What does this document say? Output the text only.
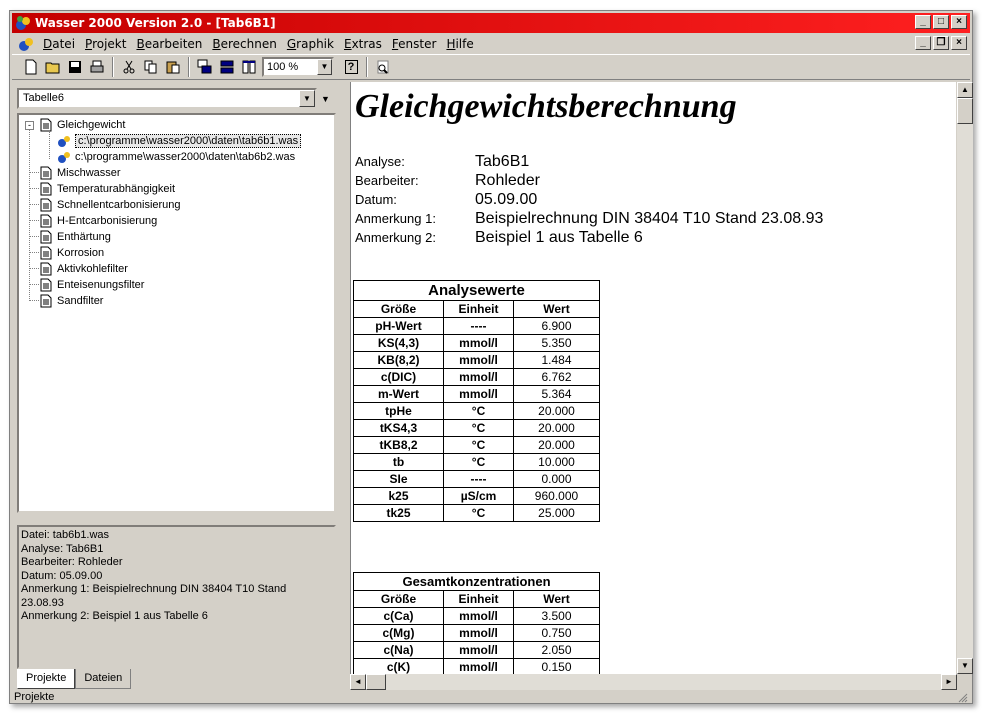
Wasser 2000 Version 2.0 - [Tab6B1]	_	□	×
Datei Projekt Bearbeiten Berechnen Graphik Extras Fenster Hilfe	_	❐	×
100 %	▼	?
Tabelle6	▼	▼
- Gleichgewicht
c:\programme\wasser2000\daten\tab6b1.was
c:\programme\wasser2000\daten\tab6b2.was
Mischwasser
Temperaturabhängigkeit
Schnellentcarbonisierung
H-Entcarbonisierung
Enthärtung
Korrosion
Aktivkohlefilter
Enteisenungsfilter
Sandfilter
Datei: tab6b1.was
Analyse: Tab6B1
Bearbeiter: Rohleder
Datum: 05.09.00
Anmerkung 1: Beispielrechnung DIN 38404 T10 Stand 23.08.93
Anmerkung 2: Beispiel 1 aus Tabelle 6
Projekte	Dateien
Gleichgewichtsberechnung
Analyse:	Tab6B1
Bearbeiter:	Rohleder
Datum:	05.09.00
Anmerkung 1:	Beispielrechnung DIN 38404 T10 Stand 23.08.93
Anmerkung 2:	Beispiel 1 aus Tabelle 6
Analysewerte		
Größe	Einheit	Wert
pH-Wert	----	6.900
KS(4,3)	mmol/l	5.350
KB(8,2)	mmol/l	1.484
c(DIC)	mmol/l	6.762
m-Wert	mmol/l	5.364
tpHe	°C	20.000
tKS4,3	°C	20.000
tKB8,2	°C	20.000
tb	°C	10.000
SIe	----	0.000
k25	µS/cm	960.000
tk25	°C	25.000
Gesamtkonzentrationen		
Größe	Einheit	Wert
c(Ca)	mmol/l	3.500
c(Mg)	mmol/l	0.750
c(Na)	mmol/l	2.050
c(K)	mmol/l	0.150
▲
▼
◄	►
Projekte
